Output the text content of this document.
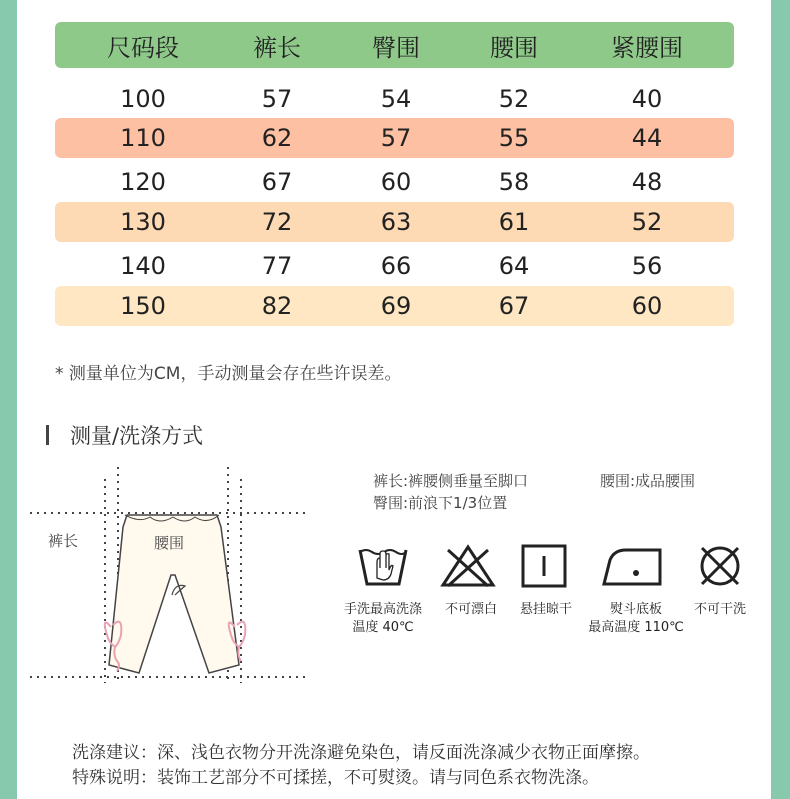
尺码段	裤长	臀围	腰围	紧腰围
100	57	54	52	40
110	62	57	55	44
120	67	60	58	48
130	72	63	61	52
140	77	66	64	56
150	82	69	67	60
* 测量单位为CM，手动测量会存在些许误差。
测量/洗涤方式
裤长	腰围
裤长:裤腰侧垂量至脚口
臀围:前浪下1/3位置
腰围:成品腰围
手洗最高洗涤
温度 40℃
不可漂白	悬挂晾干	熨斗底板
最高温度 110℃
不可干洗
洗涤建议：深、浅色衣物分开洗涤避免染色，请反面洗涤减少衣物正面摩擦。
特殊说明：装饰工艺部分不可揉搓，不可熨烫。请与同色系衣物洗涤。
